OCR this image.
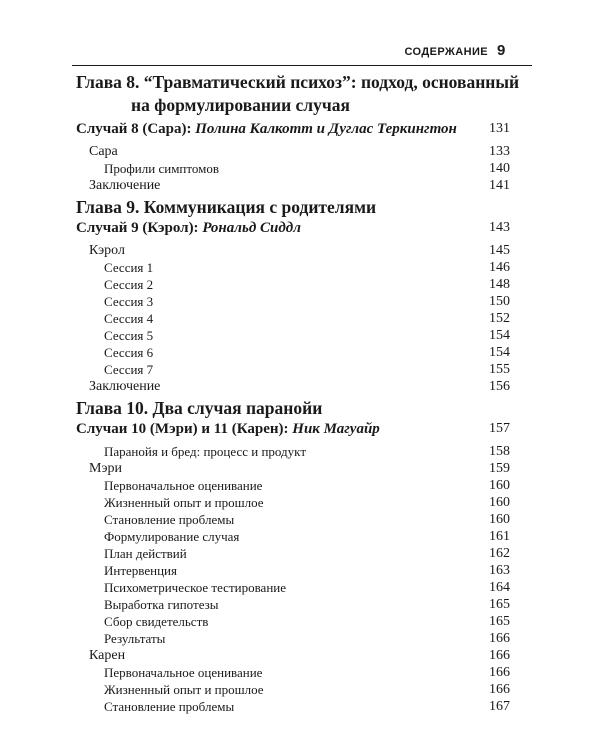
СОДЕРЖАНИЕ 9
Глава 8. “Травматический психоз”: подход, основанный
на формулировании случая
Случай 8 (Сара): Полина Калкотт и Дуглас Теркингтон 131
Сара	133
Профили симптомов	140
Заключение	141
Глава 9. Коммуникация с родителями
Случай 9 (Кэрол): Рональд Сиддл	143
Кэрол	145
Сессия 1	146
Сессия 2	148
Сессия 3	150
Сессия 4	152
Сессия 5	154
Сессия 6	154
Сессия 7	155
Заключение	156
Глава 10. Два случая паранойи
Случаи 10 (Мэри) и 11 (Карен): Ник Магуайр	157
Паранойя и бред: процесс и продукт	158
Мэри	159
Первоначальное оценивание	160
Жизненный опыт и прошлое	160
Становление проблемы	160
Формулирование случая	161
План действий	162
Интервенция	163
Психометрическое тестирование	164
Выработка гипотезы	165
Сбор свидетельств	165
Результаты	166
Карен	166
Первоначальное оценивание	166
Жизненный опыт и прошлое	166
Становление проблемы	167
